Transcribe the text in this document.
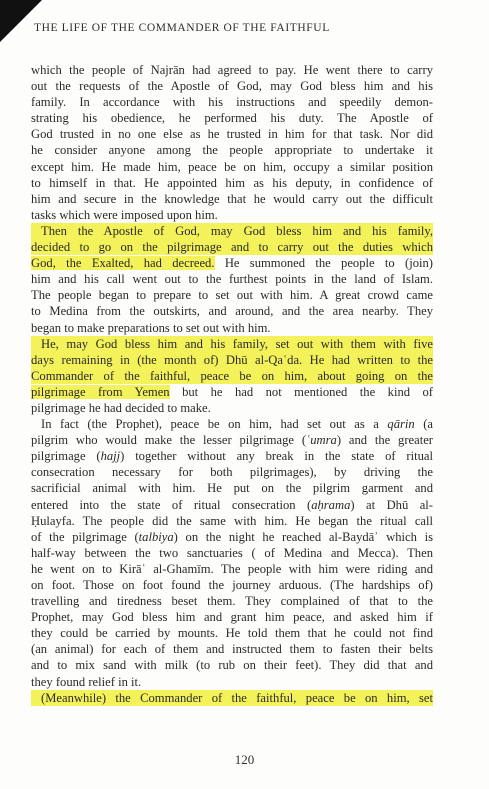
THE LIFE OF THE COMMANDER OF THE FAITHFUL
which the people of Najrān had agreed to pay. He went there to carry
out the requests of the Apostle of God, may God bless him and his
family. In accordance with his instructions and speedily demon-
strating his obedience, he performed his duty. The Apostle of
God trusted in no one else as he trusted in him for that task. Nor did
he consider anyone among the people appropriate to undertake it
except him. He made him, peace be on him, occupy a similar position
to himself in that. He appointed him as his deputy, in confidence of
him and secure in the knowledge that he would carry out the difficult
tasks which were imposed upon him.
Then the Apostle of God, may God bless him and his family,
decided to go on the pilgrimage and to carry out the duties which
God, the Exalted, had decreed. He summoned the people to (join)
him and his call went out to the furthest points in the land of Islam.
The people began to prepare to set out with him. A great crowd came
to Medina from the outskirts, and around, and the area nearby. They
began to make preparations to set out with him.
He, may God bless him and his family, set out with them with five
days remaining in (the month of) Dhū al-Qaʿda. He had written to the
Commander of the faithful, peace be on him, about going on the
pilgrimage from Yemen but he had not mentioned the kind of
pilgrimage he had decided to make.
In fact (the Prophet), peace be on him, had set out as a qārin (a
pilgrim who would make the lesser pilgrimage (ʿumra) and the greater
pilgrimage (hajj) together without any break in the state of ritual
consecration necessary for both pilgrimages), by driving the
sacrificial animal with him. He put on the pilgrim garment and
entered into the state of ritual consecration (aḥrama) at Dhū al-
Ḥulayfa. The people did the same with him. He began the ritual call
of the pilgrimage (talbiya) on the night he reached al-Baydāʾ which is
half-way between the two sanctuaries ( of Medina and Mecca). Then
he went on to Kirāʿ al-Ghamīm. The people with him were riding and
on foot. Those on foot found the journey arduous. (The hardships of)
travelling and tiredness beset them. They complained of that to the
Prophet, may God bless him and grant him peace, and asked him if
they could be carried by mounts. He told them that he could not find
(an animal) for each of them and instructed them to fasten their belts
and to mix sand with milk (to rub on their feet). They did that and
they found relief in it.
(Meanwhile) the Commander of the faithful, peace be on him, set
120
